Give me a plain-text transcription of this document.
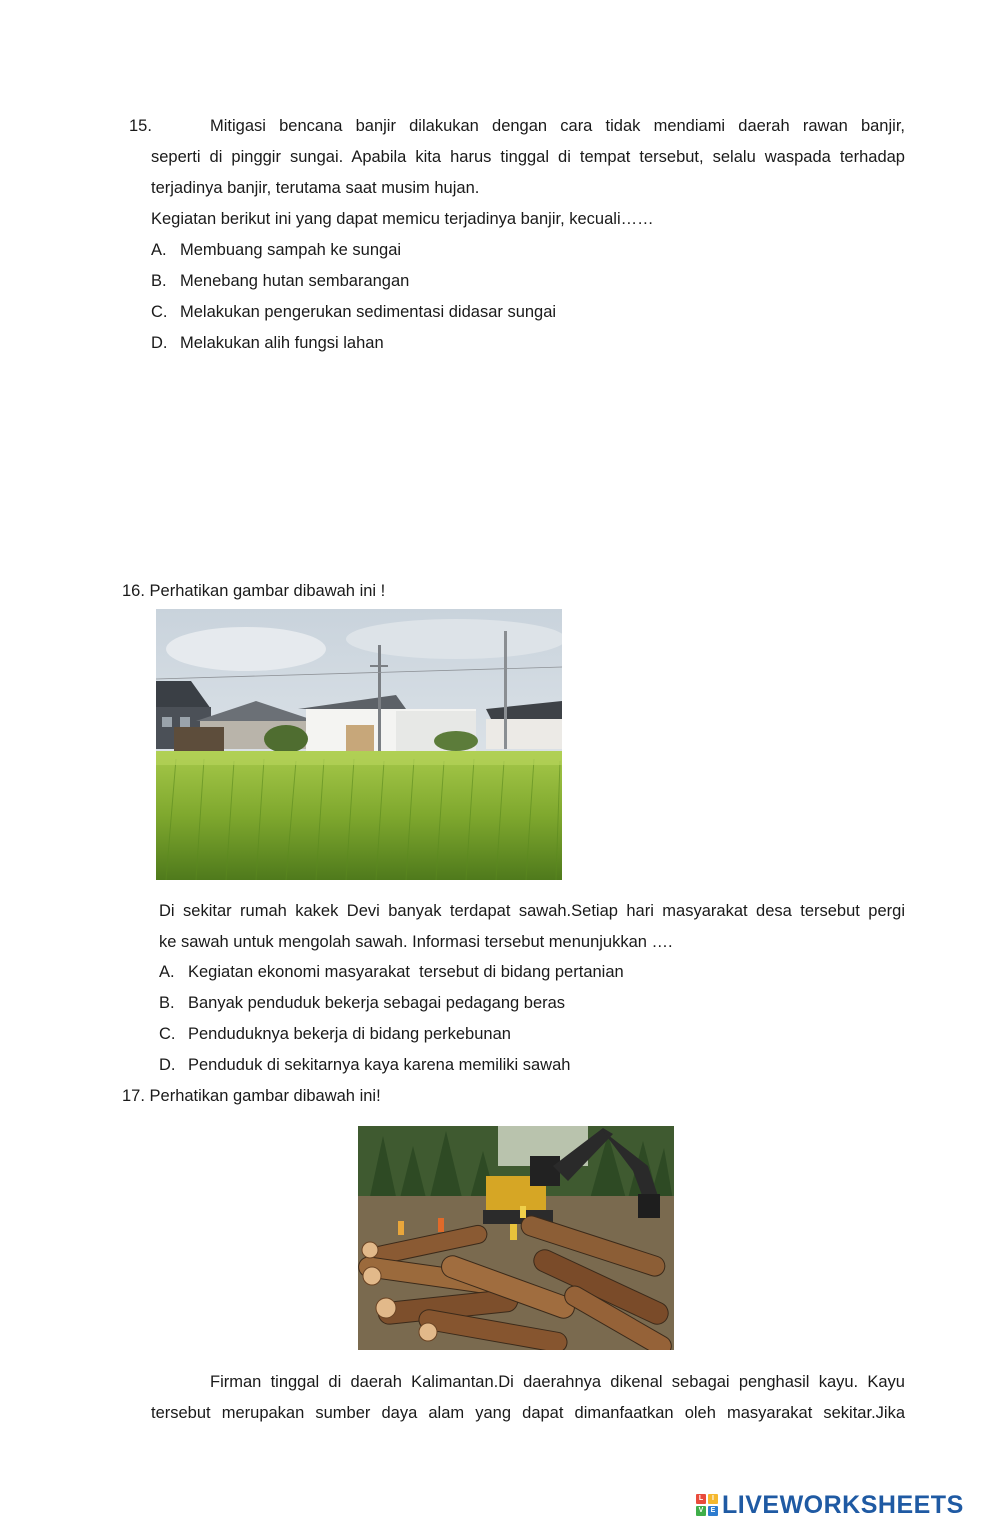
15.	Mitigasi bencana banjir dilakukan dengan cara tidak mendiami daerah rawan banjir,
seperti di pinggir sungai. Apabila kita harus tinggal di tempat tersebut, selalu waspada terhadap
terjadinya banjir, terutama saat musim hujan.
Kegiatan berikut ini yang dapat memicu terjadinya banjir, kecuali……
A. Membuang sampah ke sungai
B. Menebang hutan sembarangan
C. Melakukan pengerukan sedimentasi didasar sungai
D. Melakukan alih fungsi lahan
16. Perhatikan gambar dibawah ini !
Di sekitar rumah kakek Devi banyak terdapat sawah.Setiap hari masyarakat desa tersebut pergi
ke sawah untuk mengolah sawah. Informasi tersebut menunjukkan ….
A. Kegiatan ekonomi masyarakat  tersebut di bidang pertanian
B. Banyak penduduk bekerja sebagai pedagang beras
C. Penduduknya bekerja di bidang perkebunan
D. Penduduk di sekitarnya kaya karena memiliki sawah
17. Perhatikan gambar dibawah ini!
Firman tinggal di daerah Kalimantan.Di daerahnya dikenal sebagai penghasil kayu. Kayu
tersebut merupakan sumber daya alam yang dapat dimanfaatkan oleh masyarakat sekitar.Jika
L	I
V	E LIVEWORKSHEETS
